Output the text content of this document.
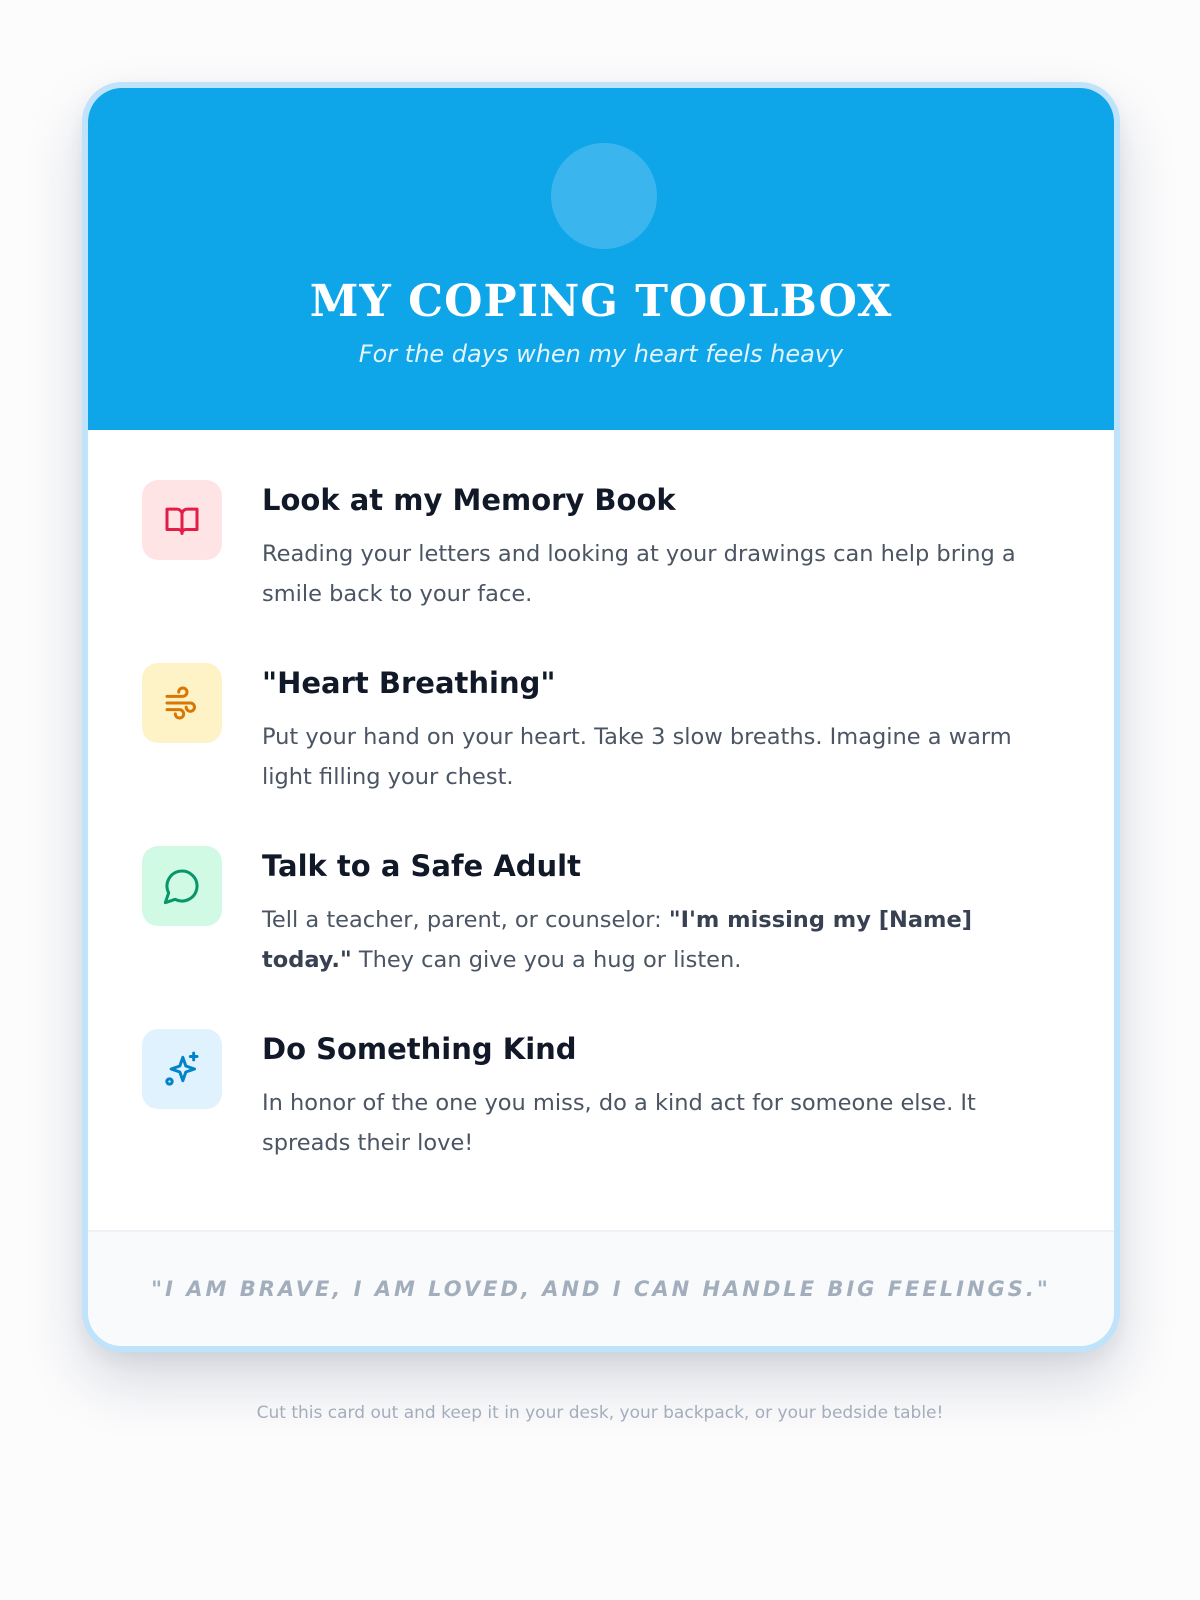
MY COPING TOOLBOX
For the days when my heart feels heavy
Look at my Memory Book
Reading your letters and looking at your drawings can help bring a smile back to your face.
"Heart Breathing"
Put your hand on your heart. Take 3 slow breaths. Imagine a warm light filling your chest.
Talk to a Safe Adult
Tell a teacher, parent, or counselor: "I'm missing my [Name] today." They can give you a hug or listen.
Do Something Kind
In honor of the one you miss, do a kind act for someone else. It spreads their love!
"I AM BRAVE, I AM LOVED, AND I CAN HANDLE BIG FEELINGS."
Cut this card out and keep it in your desk, your backpack, or your bedside table!
